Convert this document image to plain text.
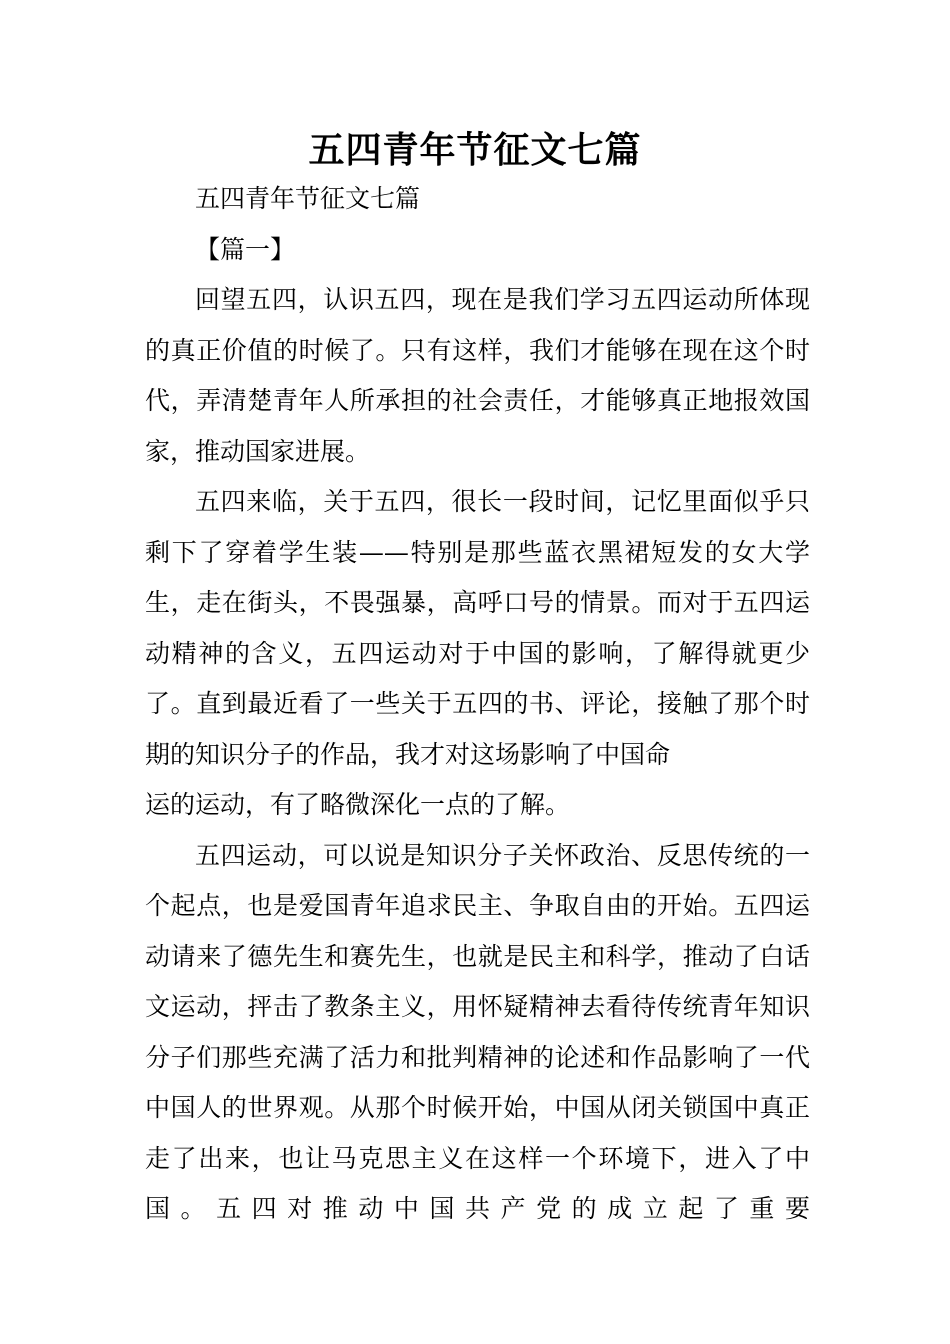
五四青年节征文七篇

五四青年节征文七篇

【篇一】

回望五四，认识五四，现在是我们学习五四运动所体现的真正价值的时候了。只有这样，我们才能够在现在这个时代，弄清楚青年人所承担的社会责任，才能够真正地报效国家，推动国家进展。

五四来临，关于五四，很长一段时间，记忆里面似乎只剩下了穿着学生装——特别是那些蓝衣黑裙短发的女大学生，走在街头，不畏强暴，高呼口号的情景。而对于五四运动精神的含义，五四运动对于中国的影响，了解得就更少了。直到最近看了一些关于五四的书、评论，接触了那个时期的知识分子的作品，我才对这场影响了中国命

运的运动，有了略微深化一点的了解。

五四运动，可以说是知识分子关怀政治、反思传统的一个起点，也是爱国青年追求民主、争取自由的开始。五四运动请来了德先生和赛先生，也就是民主和科学，推动了白话文运动，抨击了教条主义，用怀疑精神去看待传统青年知识分子们那些充满了活力和批判精神的论述和作品影响了一代中国人的世界观。从那个时候开始，中国从闭关锁国中真正走了出来，也让马克思主义在这样一个环境下，进入了中国。五四对推动中国共产党的成立起了重要
